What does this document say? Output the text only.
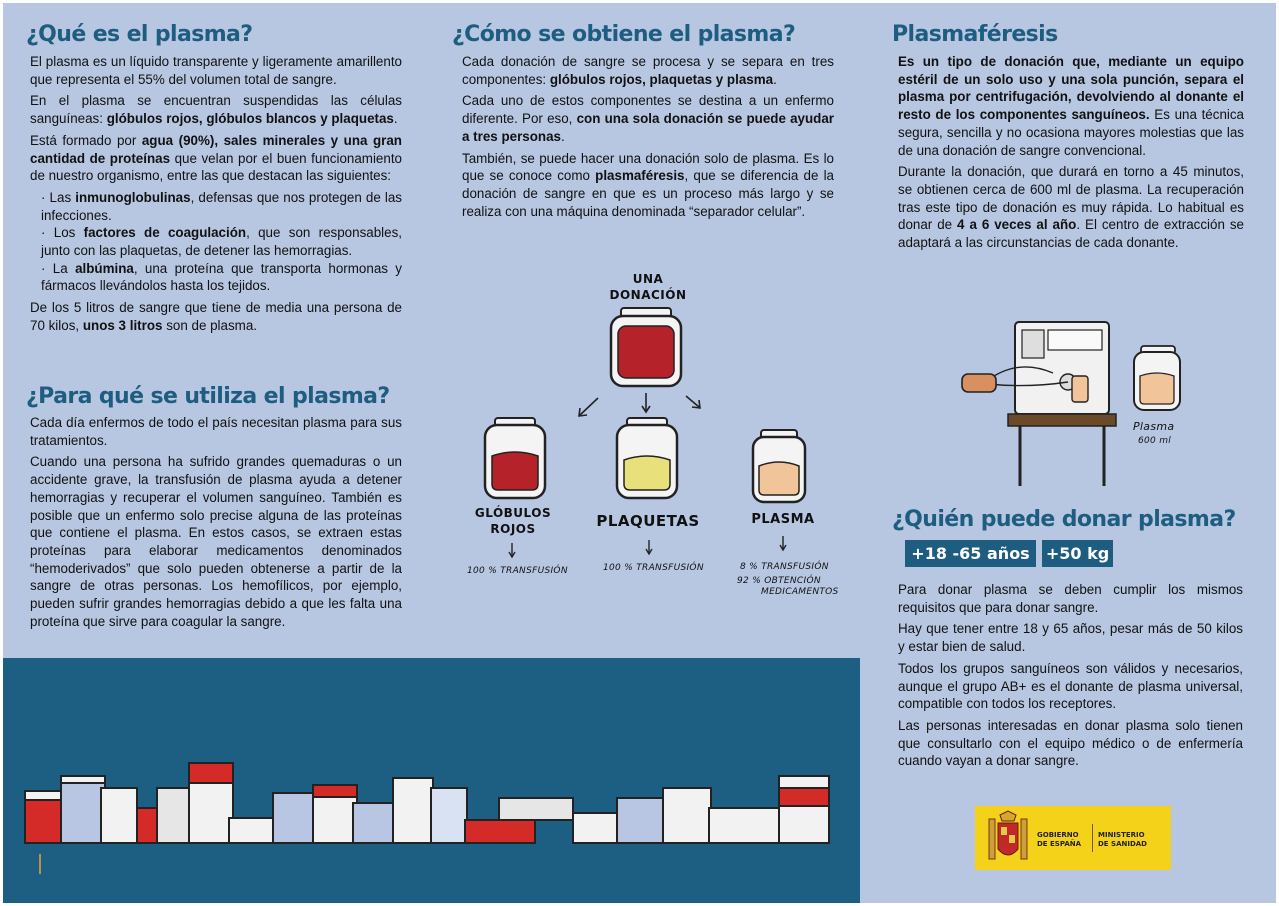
¿Qué es el plasma?

El plasma es un líquido transparente y ligeramente amarillento que representa el 55% del volumen total de sangre.

En el plasma se encuentran suspendidas las células sanguíneas: glóbulos rojos, glóbulos blancos y plaquetas.

Está formado por agua (90%), sales minerales y una gran cantidad de proteínas que velan por el buen funcionamiento de nuestro organismo, entre las que destacan las siguientes:

· Las inmunoglobulinas, defensas que nos protegen de las infecciones.

· Los factores de coagulación, que son responsables, junto con las plaquetas, de detener las hemorragias.

· La albúmina, una proteína que transporta hormonas y fármacos llevándolos hasta los tejidos.

De los 5 litros de sangre que tiene de media una persona de 70 kilos, unos 3 litros son de plasma.

¿Para qué se utiliza el plasma?

Cada día enfermos de todo el país necesitan plasma para sus tratamientos.

Cuando una persona ha sufrido grandes quemaduras o un accidente grave, la transfusión de plasma ayuda a detener hemorragias y recuperar el volumen sanguíneo. También es posible que un enfermo solo precise alguna de las proteínas que contiene el plasma. En estos casos, se extraen estas proteínas para elaborar medicamentos denominados “hemoderivados” que solo pueden obtenerse a partir de la sangre de otras personas. Los hemofílicos, por ejemplo, pueden sufrir grandes hemorragias debido a que les falta una proteína que sirve para coagular la sangre.

¿Cómo se obtiene el plasma?

Cada donación de sangre se procesa y se separa en tres componentes: glóbulos rojos, plaquetas y plasma.

Cada uno de estos componentes se destina a un enfermo diferente. Por eso, con una sola donación se puede ayudar a tres personas.

También, se puede hacer una donación solo de plasma. Es lo que se conoce como plasmaféresis, que se diferencia de la donación de sangre en que es un proceso más largo y se realiza con una máquina denominada “separador celular”.

UNA
DONACIÓN
GLÓBULOS
ROJOS	PLAQUETAS	PLASMA
100 % TRANSFUSIÓN	100 % TRANSFUSIÓN	8 % TRANSFUSIÓN
92 % OBTENCIÓN
MEDICAMENTOS
Plasmaféresis

Es un tipo de donación que, mediante un equipo estéril de un solo uso y una sola punción, separa el plasma por centrifugación, devolviendo al donante el resto de los componentes sanguíneos. Es una técnica segura, sencilla y no ocasiona mayores molestias que las de una donación de sangre convencional.

Durante la donación, que durará en torno a 45 minutos, se obtienen cerca de 600 ml de plasma. La recuperación tras este tipo de donación es muy rápida. Lo habitual es donar de 4 a 6 veces al año. El centro de extracción se adaptará a las circunstancias de cada donante.

Plasma
600 ml
¿Quién puede donar plasma?
+18 -65 años	+50 kg

Para donar plasma se deben cumplir los mismos requisitos que para donar sangre.

Hay que tener entre 18 y 65 años, pesar más de 50 kilos y estar bien de salud.

Todos los grupos sanguíneos son válidos y necesarios, aunque el grupo AB+ es el donante de plasma universal, compatible con todos los receptores.

Las personas interesadas en donar plasma solo tienen que consultarlo con el equipo médico o de enfermería cuando vayan a donar sangre.

GOBIERNO
DE ESPAÑA
MINISTERIO
DE SANIDAD
